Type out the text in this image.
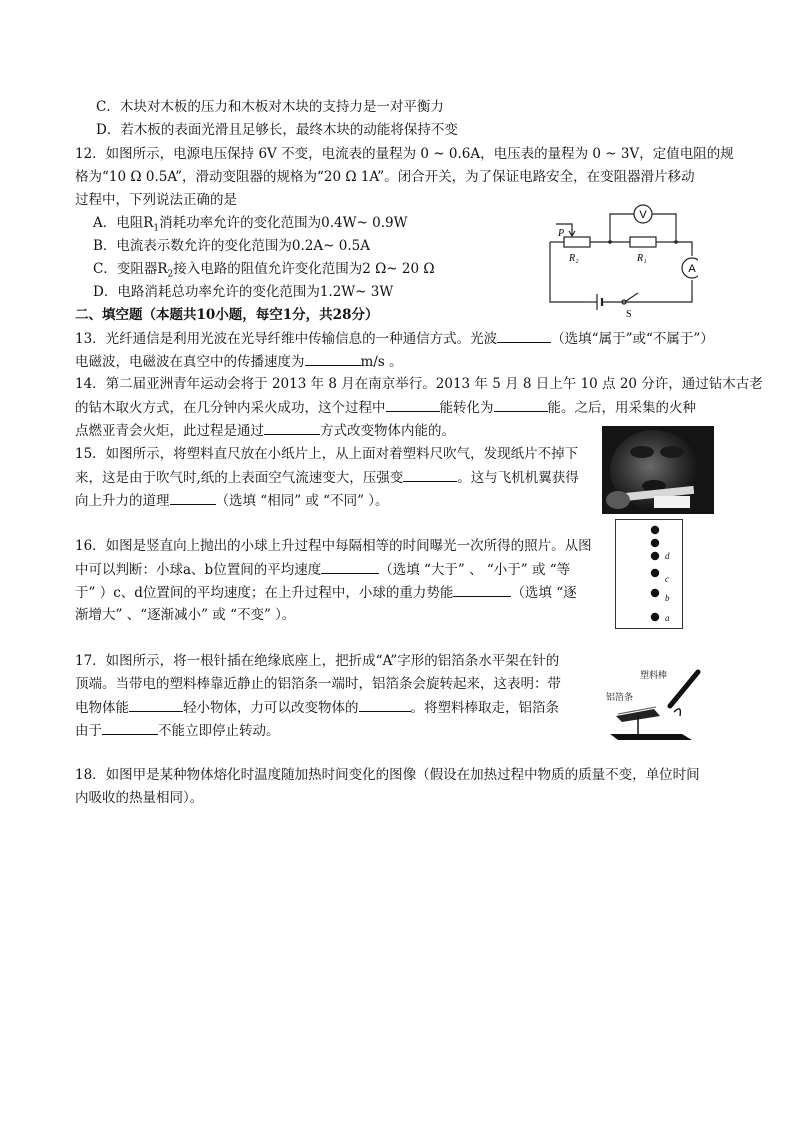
C．木块对木板的压力和木板对木块的支持力是一对平衡力
D．若木板的表面光滑且足够长，最终木块的动能将保持不变
12．如图所示，电源电压保持 6V 不变，电流表的量程为 0 ~ 0.6A，电压表的量程为 0 ~ 3V，定值电阻的规
格为“10 Ω 0.5A”，滑动变阻器的规格为“20 Ω 1A”。闭合开关，为了保证电路安全，在变阻器滑片移动
过程中，下列说法正确的是
A．电阻$R_1$消耗功率允许的变化范围为0.4W~ 0.9W
B．电流表示数允许的变化范围为0.2A~ 0.5A
C．变阻器$R_2$接入电路的阻值允许变化范围为2 Ω~ 20 Ω
D．电路消耗总功率允许的变化范围为1.2W~ 3W
V
A
P
R₂	R₁
S
二、填空题（本题共10小题，每空1分，共28分）
13．光纤通信是利用光波在光导纤维中传输信息的一种通信方式。光波	（选填“属于”或“不属于”）
电磁波，电磁波在真空中的传播速度为	m/s 。
14．第二届亚洲青年运动会将于 2013 年 8 月在南京举行。2013 年 5 月 8 日上午 10 点 20 分许，通过钻木古老
的钻木取火方式，在几分钟内采火成功，这个过程中	能转化为	能。之后，用采集的火种
点燃亚青会火炬，此过程是通过	方式改变物体内能的。
15．如图所示，将塑料直尺放在小纸片上，从上面对着塑料尺吹气，发现纸片不掉下
来，这是由于吹气时,纸的上表面空气流速变大，压强变	。这与飞机机翼获得
向上升力的道理	（选填 “相同” 或 “不同” ）。
16．如图是竖直向上抛出的小球上升过程中每隔相等的时间曝光一次所得的照片。从图
中可以判断：小球a、b位置间的平均速度	（选填 “大于” 、 “小于” 或 “等
于” ）c、d位置间的平均速度；在上升过程中，小球的重力势能	（选填 “逐
渐增大” 、“逐渐减小” 或 “不变” ）。
d
c
b
a
17．如图所示，将一根针插在绝缘底座上，把折成“A”字形的铝箔条水平架在针的
顶端。当带电的塑料棒靠近静止的铝箔条一端时，铝箔条会旋转起来，这表明：带
电物体能	轻小物体，力可以改变物体的	。将塑料棒取走，铝箔条
由于	不能立即停止转动。
塑料棒
铝箔条
18．如图甲是某种物体熔化时温度随加热时间变化的图像（假设在加热过程中物质的质量不变，单位时间
内吸收的热量相同）。
